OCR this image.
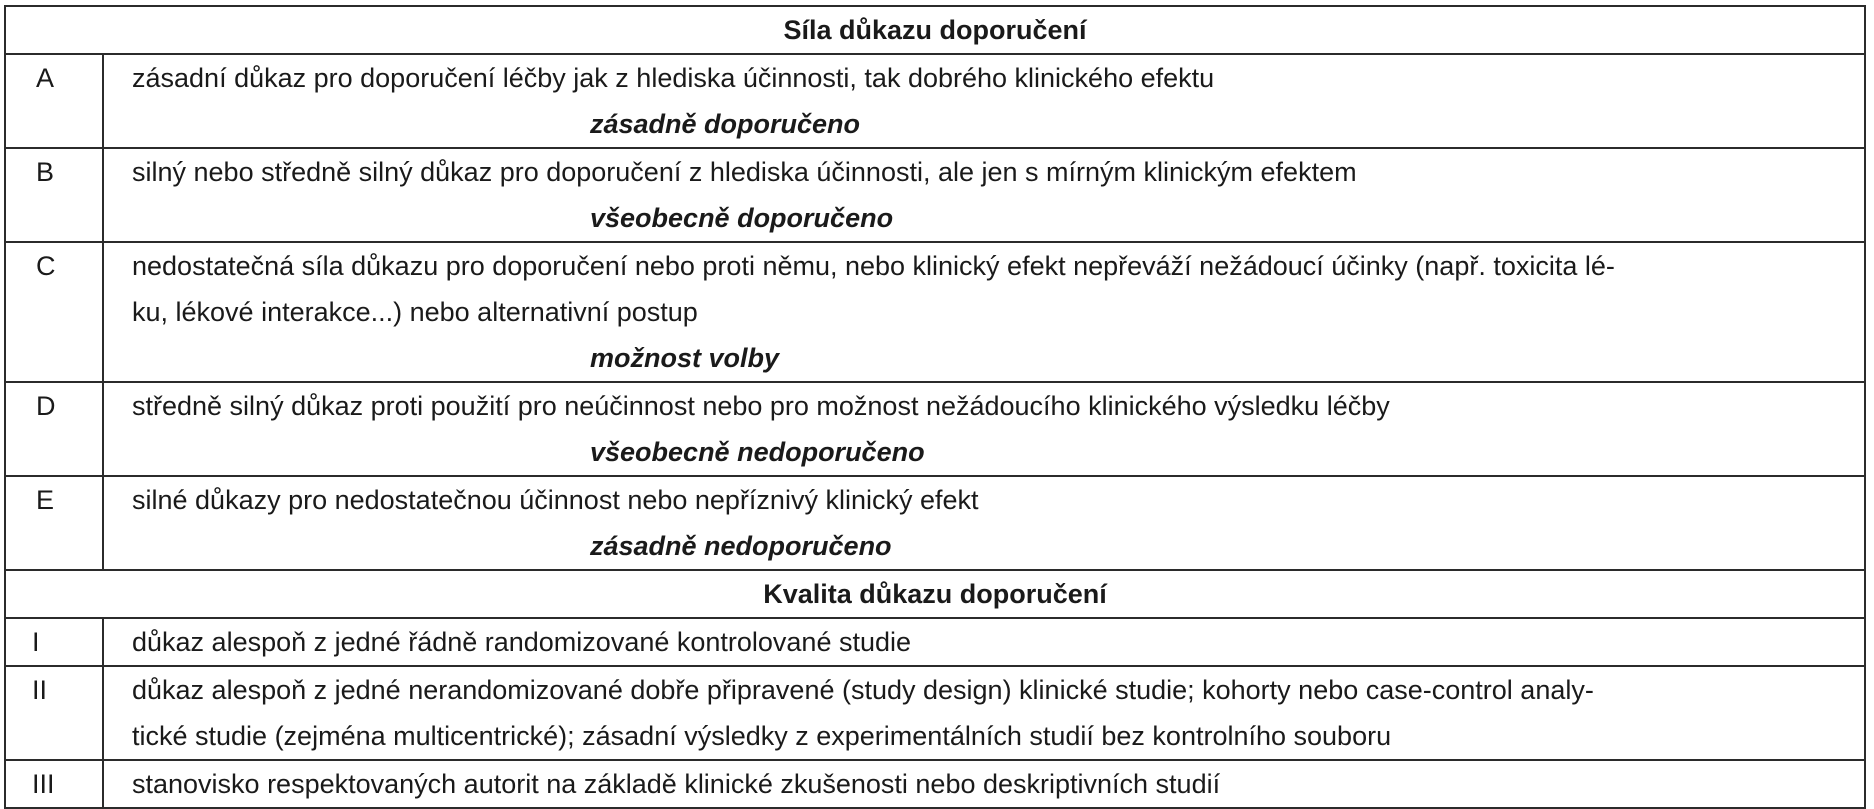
Síla důkazu doporučení	
A	zásadní důkaz pro doporučení léčby jak z hlediska účinnosti, tak dobrého klinického efektu
zásadně doporučeno

B	silný nebo středně silný důkaz pro doporučení z hlediska účinnosti, ale jen s mírným klinickým efektem
všeobecně doporučeno

C	nedostatečná síla důkazu pro doporučení nebo proti němu, nebo klinický efekt nepřeváží nežádoucí účinky (např. toxicita lé-
ku, lékové interakce...) nebo alternativní postup
možnost volby

D	středně silný důkaz proti použití pro neúčinnost nebo pro možnost nežádoucího klinického výsledku léčby
všeobecně nedoporučeno

E	silné důkazy pro nedostatečnou účinnost nebo nepříznivý klinický efekt
zásadně nedoporučeno

Kvalita důkazu doporučení	
I	důkaz alespoň z jedné řádně randomizované kontrolované studie

II	důkaz alespoň z jedné nerandomizované dobře připravené (study design) klinické studie; kohorty nebo case-control analy-
tické studie (zejména multicentrické); zásadní výsledky z experimentálních studií bez kontrolního souboru

III	stanovisko respektovaných autorit na základě klinické zkušenosti nebo deskriptivních studií
